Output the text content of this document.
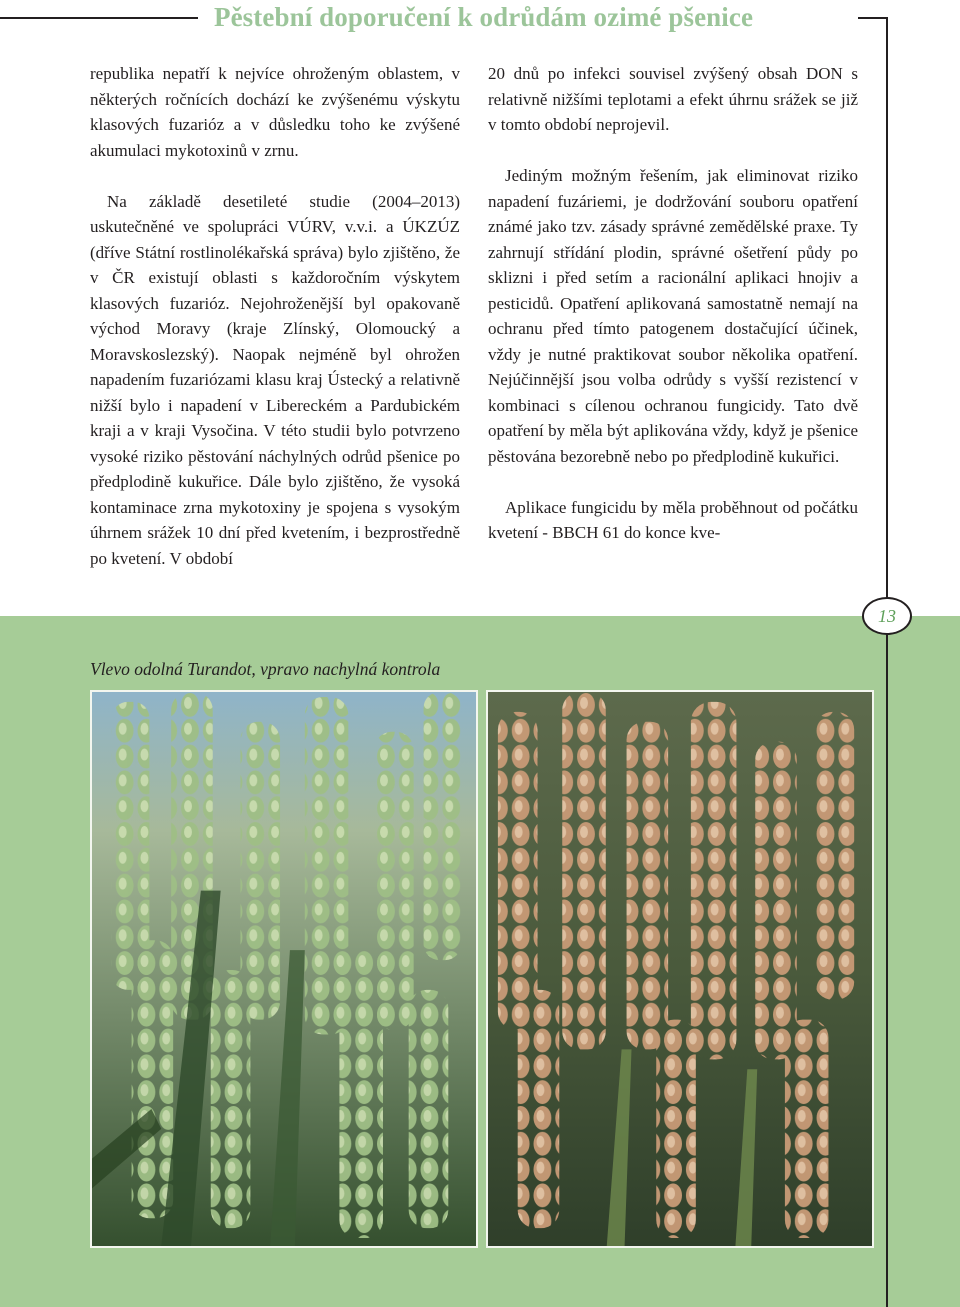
Pěstební doporučení k odrůdám ozimé pšenice

republika nepatří k nejvíce ohroženým oblastem, v některých ročnících dochází ke zvýšenému výskytu klasových fuzarióz a v důsledku toho ke zvýšené akumulaci mykotoxinů v zrnu.

Na základě desetileté studie (2004–2013) uskutečněné ve spolupráci VÚRV, v.v.i. a ÚKZÚZ (dříve Státní rostlinolékařská správa) bylo zjištěno, že v ČR existují oblasti s každoročním výskytem klasových fuzarióz. Nejohroženější byl opakovaně východ Moravy (kraje Zlínský, Olomoucký a Moravskoslezský). Naopak nejméně byl ohrožen napadením fuzariózami klasu kraj Ústecký a relativně nižší bylo i napadení v Libereckém a Pardubickém kraji a v kraji Vysočina. V této studii bylo potvrzeno vysoké riziko pěstování náchylných odrůd pšenice po předplodině kukuřice. Dále bylo zjištěno, že vysoká kontaminace zrna mykotoxiny je spojena s vysokým úhrnem srážek 10 dní před kvetením, i bezprostředně po kvetení. V období

20 dnů po infekci souvisel zvýšený obsah DON s relativně nižšími teplotami a efekt úhrnu srážek se již v tomto období neprojevil.

Jediným možným řešením, jak eliminovat riziko napadení fuzáriemi, je dodržování souboru opatření známé jako tzv. zásady správné zemědělské praxe. Ty zahrnují střídání plodin, správné ošetření půdy po sklizni i před setím a racionální aplikaci hnojiv a pesticidů. Opatření aplikovaná samostatně nemají na ochranu před tímto patogenem dostačující účinek, vždy je nutné praktikovat soubor několika opatření. Nejúčinnější jsou volba odrůdy s vyšší rezistencí v kombinaci s cílenou ochranou fungicidy. Tato dvě opatření by měla být aplikována vždy, když je pšenice pěstována bezorebně nebo po předplodině kukuřici.

Aplikace fungicidu by měla proběhnout od počátku kvetení - BBCH 61 do konce kve-

13
Vlevo odolná Turandot, vpravo nachylná kontrola
